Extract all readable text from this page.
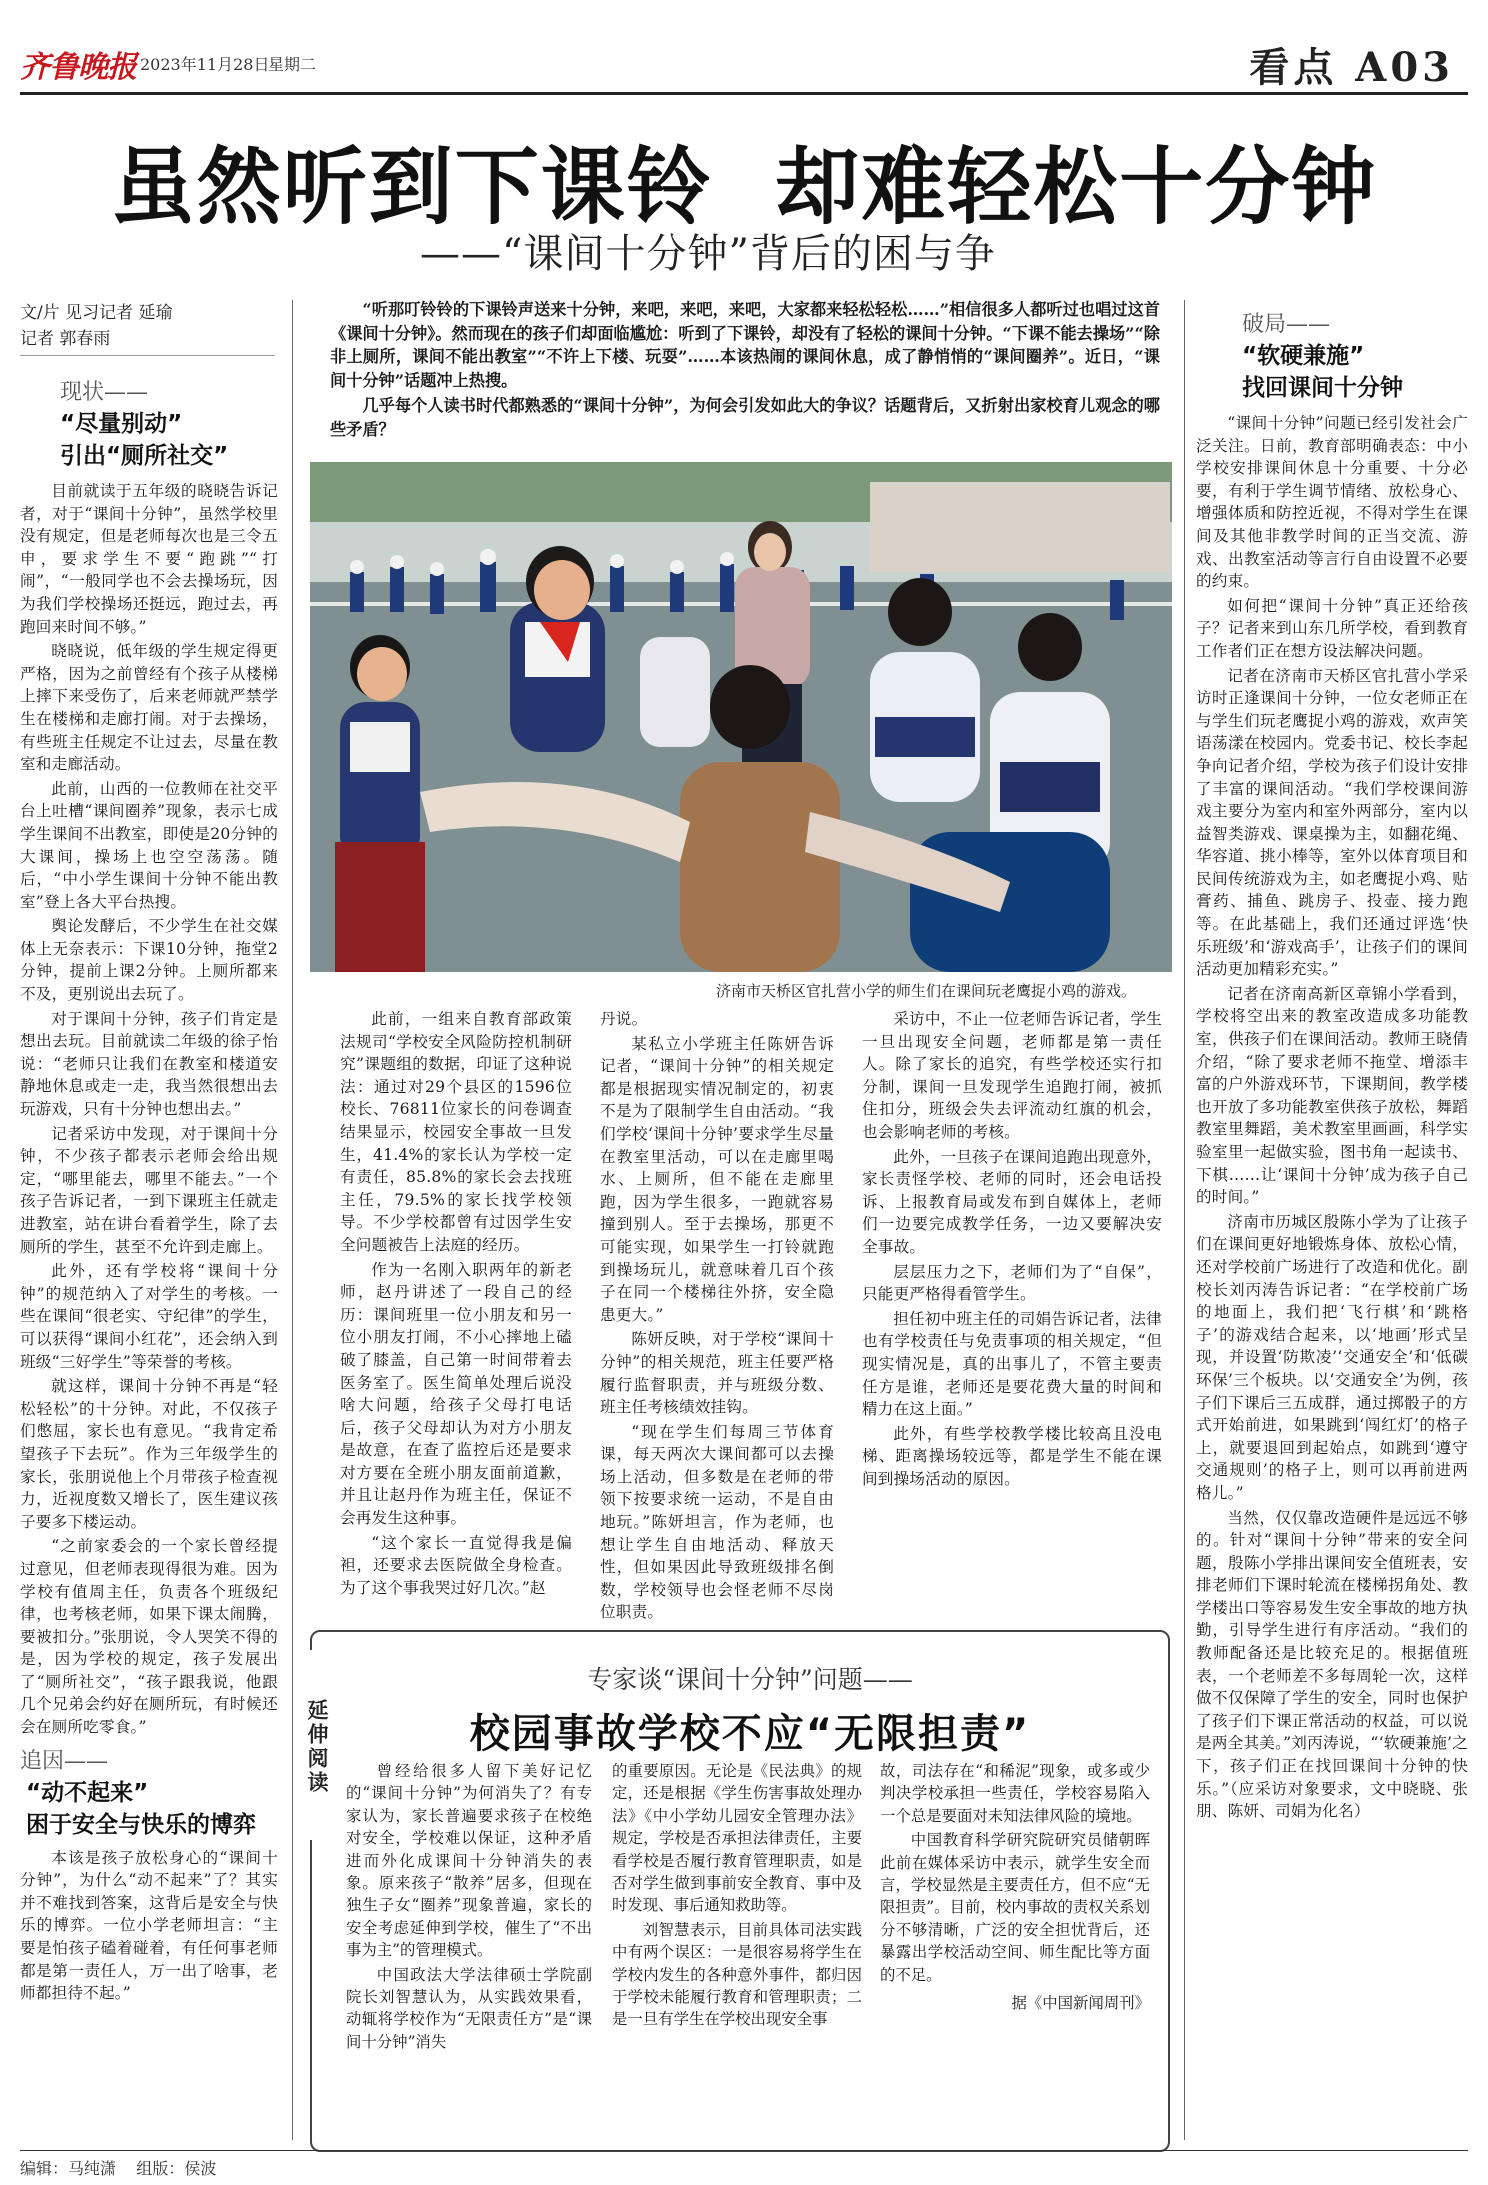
齐鲁晚报 2023年11月28日
星期二	看点 A03
虽然听到下课铃  却难轻松十分钟
——“课间十分钟”背后的困与争
文/片 见习记者 延瑜
记者 郭春雨

“听那叮铃铃的下课铃声送来十分钟，来吧，来吧，来吧，大家都来轻松轻松……”相信很多人都听过也唱过这首《课间十分钟》。然而现在的孩子们却面临尴尬：听到了下课铃，却没有了轻松的课间十分钟。“下课不能去操场”“除非上厕所，课间不能出教室”“不许上下楼、玩耍”……本该热闹的课间休息，成了静悄悄的“课间圈养”。近日，“课间十分钟”话题冲上热搜。

几乎每个人读书时代都熟悉的“课间十分钟”，为何会引发如此大的争议？话题背后，又折射出家校育儿观念的哪些矛盾？

现状——
“尽量别动”
引出“厕所社交”

目前就读于五年级的晓晓告诉记者，对于“课间十分钟”，虽然学校里没有规定，但是老师每次也是三令五申，要求学生不要“跑跳”“打闹”，“一般同学也不会去操场玩，因为我们学校操场还挺远，跑过去，再跑回来时间不够。”

晓晓说，低年级的学生规定得更严格，因为之前曾经有个孩子从楼梯上摔下来受伤了，后来老师就严禁学生在楼梯和走廊打闹。对于去操场，有些班主任规定不让过去，尽量在教室和走廊活动。

此前，山西的一位教师在社交平台上吐槽“课间圈养”现象，表示七成学生课间不出教室，即使是20分钟的大课间，操场上也空空荡荡。随后，“中小学生课间十分钟不能出教室”登上各大平台热搜。

舆论发酵后，不少学生在社交媒体上无奈表示：下课10分钟，拖堂2分钟，提前上课2分钟。上厕所都来不及，更别说出去玩了。

对于课间十分钟，孩子们肯定是想出去玩。目前就读二年级的徐子怡说：“老师只让我们在教室和楼道安静地休息或走一走，我当然很想出去玩游戏，只有十分钟也想出去。”

记者采访中发现，对于课间十分钟，不少孩子都表示老师会给出规定，“哪里能去，哪里不能去。”一个孩子告诉记者，一到下课班主任就走进教室，站在讲台看着学生，除了去厕所的学生，甚至不允许到走廊上。

此外，还有学校将“课间十分钟”的规范纳入了对学生的考核。一些在课间“很老实、守纪律”的学生，可以获得“课间小红花”，还会纳入到班级“三好学生”等荣誉的考核。

就这样，课间十分钟不再是“轻松轻松”的十分钟。对此，不仅孩子们憋屈，家长也有意见。“我肯定希望孩子下去玩”。作为三年级学生的家长，张朋说他上个月带孩子检查视力，近视度数又增长了，医生建议孩子要多下楼运动。

“之前家委会的一个家长曾经提过意见，但老师表现得很为难。因为学校有值周主任，负责各个班级纪律，也考核老师，如果下课太闹腾，要被扣分。”张朋说，令人哭笑不得的是，因为学校的规定，孩子发展出了“厕所社交”，“孩子跟我说，他跟几个兄弟会约好在厕所玩，有时候还会在厕所吃零食。”

追因——
“动不起来”
困于安全与快乐的博弈

本该是孩子放松身心的“课间十分钟”，为什么“动不起来”了？其实并不难找到答案，这背后是安全与快乐的博弈。一位小学老师坦言：“主要是怕孩子磕着碰着，有任何事老师都是第一责任人，万一出了啥事，老师都担待不起。”

济南市天桥区官扎营小学的师生们在课间玩老鹰捉小鸡的游戏。

此前，一组来自教育部政策法规司“学校安全风险防控机制研究”课题组的数据，印证了这种说法：通过对29个县区的1596位校长、76811位家长的问卷调查结果显示，校园安全事故一旦发生，41.4%的家长认为学校一定有责任，85.8%的家长会去找班主任，79.5%的家长找学校领导。不少学校都曾有过因学生安全问题被告上法庭的经历。

作为一名刚入职两年的新老师，赵丹讲述了一段自己的经历：课间班里一位小朋友和另一位小朋友打闹，不小心摔地上磕破了膝盖，自己第一时间带着去医务室了。医生简单处理后说没啥大问题，给孩子父母打电话后，孩子父母却认为对方小朋友是故意，在查了监控后还是要求对方要在全班小朋友面前道歉，并且让赵丹作为班主任，保证不会再发生这种事。

“这个家长一直觉得我是偏袒，还要求去医院做全身检查。为了这个事我哭过好几次。”赵

丹说。

某私立小学班主任陈妍告诉记者，“课间十分钟”的相关规定都是根据现实情况制定的，初衷不是为了限制学生自由活动。“我们学校‘课间十分钟’要求学生尽量在教室里活动，可以在走廊里喝水、上厕所，但不能在走廊里跑，因为学生很多，一跑就容易撞到别人。至于去操场，那更不可能实现，如果学生一打铃就跑到操场玩儿，就意味着几百个孩子在同一个楼梯往外挤，安全隐患更大。”

陈妍反映，对于学校“课间十分钟”的相关规范，班主任要严格履行监督职责，并与班级分数、班主任考核绩效挂钩。

“现在学生们每周三节体育课，每天两次大课间都可以去操场上活动，但多数是在老师的带领下按要求统一运动，不是自由地玩。”陈妍坦言，作为老师，也想让学生自由地活动、释放天性，但如果因此导致班级排名倒数，学校领导也会怪老师不尽岗位职责。

采访中，不止一位老师告诉记者，学生一旦出现安全问题，老师都是第一责任人。除了家长的追究，有些学校还实行扣分制，课间一旦发现学生追跑打闹，被抓住扣分，班级会失去评流动红旗的机会，也会影响老师的考核。

此外，一旦孩子在课间追跑出现意外，家长责怪学校、老师的同时，还会电话投诉、上报教育局或发布到自媒体上，老师们一边要完成教学任务，一边又要解决安全事故。

层层压力之下，老师们为了“自保”，只能更严格得看管学生。

担任初中班主任的司娟告诉记者，法律也有学校责任与免责事项的相关规定，“但现实情况是，真的出事儿了，不管主要责任方是谁，老师还是要花费大量的时间和精力在这上面。”

此外，有些学校教学楼比较高且没电梯、距离操场较远等，都是学生不能在课间到操场活动的原因。

破局——
“软硬兼施”
找回课间十分钟

“课间十分钟”问题已经引发社会广泛关注。日前，教育部明确表态：中小学校安排课间休息十分重要、十分必要，有利于学生调节情绪、放松身心、增强体质和防控近视，不得对学生在课间及其他非教学时间的正当交流、游戏、出教室活动等言行自由设置不必要的约束。

如何把“课间十分钟”真正还给孩子？记者来到山东几所学校，看到教育工作者们正在想方设法解决问题。

记者在济南市天桥区官扎营小学采访时正逢课间十分钟，一位女老师正在与学生们玩老鹰捉小鸡的游戏，欢声笑语荡漾在校园内。党委书记、校长李起争向记者介绍，学校为孩子们设计安排了丰富的课间活动。“我们学校课间游戏主要分为室内和室外两部分，室内以益智类游戏、课桌操为主，如翻花绳、华容道、挑小棒等，室外以体育项目和民间传统游戏为主，如老鹰捉小鸡、贴膏药、捕鱼、跳房子、投壶、接力跑等。在此基础上，我们还通过评选‘快乐班级’和‘游戏高手’，让孩子们的课间活动更加精彩充实。”

记者在济南高新区章锦小学看到，学校将空出来的教室改造成多功能教室，供孩子们在课间活动。教师王晓倩介绍，“除了要求老师不拖堂、增添丰富的户外游戏环节，下课期间，教学楼也开放了多功能教室供孩子放松，舞蹈教室里舞蹈，美术教室里画画，科学实验室里一起做实验，图书角一起读书、下棋……让‘课间十分钟’成为孩子自己的时间。”

济南市历城区殷陈小学为了让孩子们在课间更好地锻炼身体、放松心情，还对学校前广场进行了改造和优化。副校长刘丙涛告诉记者：“在学校前广场的地面上，我们把‘飞行棋’和‘跳格子’的游戏结合起来，以‘地画’形式呈现，并设置‘防欺凌’‘交通安全’和‘低碳环保’三个板块。以‘交通安全’为例，孩子们下课后三五成群，通过掷骰子的方式开始前进，如果跳到‘闯红灯’的格子上，就要退回到起始点，如跳到‘遵守交通规则’的格子上，则可以再前进两格儿。”

当然，仅仅靠改造硬件是远远不够的。针对“课间十分钟”带来的安全问题，殷陈小学排出课间安全值班表，安排老师们下课时轮流在楼梯拐角处、教学楼出口等容易发生安全事故的地方执勤，引导学生进行有序活动。“我们的教师配备还是比较充足的。根据值班表，一个老师差不多每周轮一次，这样做不仅保障了学生的安全，同时也保护了孩子们下课正常活动的权益，可以说是两全其美。”刘丙涛说，“‘软硬兼施’之下，孩子们正在找回课间十分钟的快乐。”（应采访对象要求，文中晓晓、张朋、陈妍、司娟为化名）

延伸阅读
专家谈“课间十分钟”问题——
校园事故学校不应“无限担责”

曾经给很多人留下美好记忆的“课间十分钟”为何消失了？有专家认为，家长普遍要求孩子在校绝对安全，学校难以保证，这种矛盾进而外化成课间十分钟消失的表象。原来孩子“散养”居多，但现在独生子女“圈养”现象普遍，家长的安全考虑延伸到学校，催生了“不出事为主”的管理模式。

中国政法大学法律硕士学院副院长刘智慧认为，从实践效果看，动辄将学校作为“无限责任方”是“课间十分钟”消失

的重要原因。无论是《民法典》的规定，还是根据《学生伤害事故处理办法》《中小学幼儿园安全管理办法》规定，学校是否承担法律责任，主要看学校是否履行教育管理职责，如是否对学生做到事前安全教育、事中及时发现、事后通知救助等。

刘智慧表示，目前具体司法实践中有两个误区：一是很容易将学生在学校内发生的各种意外事件，都归因于学校未能履行教育和管理职责；二是一旦有学生在学校出现安全事

故，司法存在“和稀泥”现象，或多或少判决学校承担一些责任，学校容易陷入一个总是要面对未知法律风险的境地。

中国教育科学研究院研究员储朝晖此前在媒体采访中表示，就学生安全而言，学校显然是主要责任方，但不应“无限担责”。目前，校内事故的责权关系划分不够清晰，广泛的安全担忧背后，还暴露出学校活动空间、师生配比等方面的不足。

据《中国新闻周刊》

编辑：马纯潇    组版：侯波
